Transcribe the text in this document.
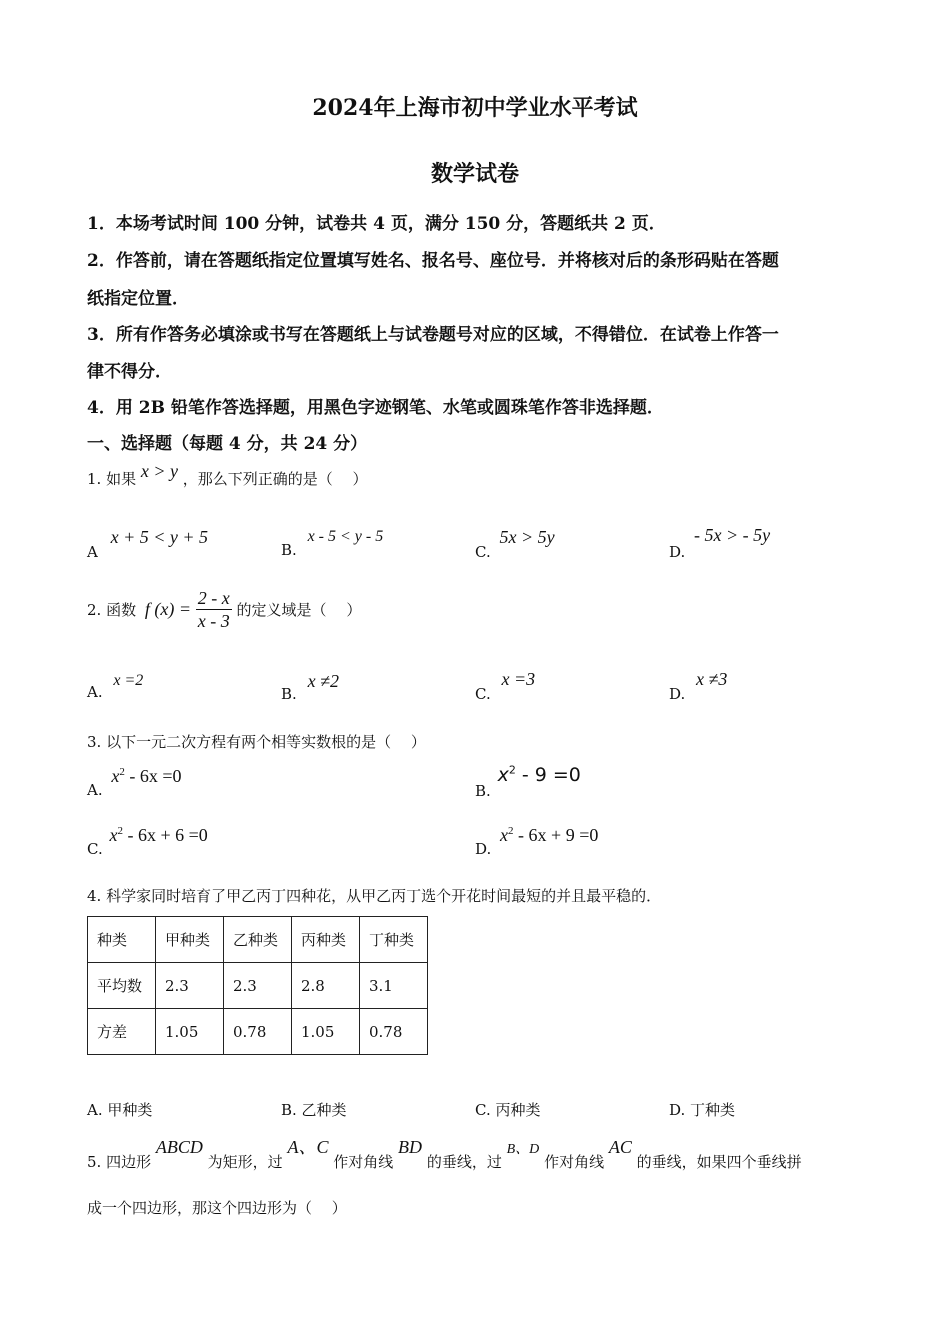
2024年上海市初中学业水平考试
数学试卷
1．本场考试时间 100 分钟，试卷共 4 页，满分 150 分，答题纸共 2 页．
2．作答前，请在答题纸指定位置填写姓名、报名号、座位号．并将核对后的条形码贴在答题
纸指定位置．
3．所有作答务必填涂或书写在答题纸上与试卷题号对应的区域，不得错位．在试卷上作答一
律不得分．
4．用 2B 铅笔作答选择题，用黑色字迹钢笔、水笔或圆珠笔作答非选择题．
一、选择题（每题 4 分，共 24 分）
1. 如果 x > y ，那么下列正确的是（　 ）
A x + 5 < y + 5
B. x - 5 < y - 5
C. 5x > 5y
D. - 5x > - 5y
2. 函数 f $(x) = \frac{2 - x}{x - 3}$ 的定义域是（　 ）
A. x =2
B. x ≠2
C. x =3
D. x ≠3
3. 以下一元二次方程有两个相等实数根的是（　 ）
A. $x^2 - 6x =0$
B. $x^2 - 9 =0$
C. $x^2 - 6x + 6 =0$
D. $x^2 - 6x + 9 =0$
4. 科学家同时培育了甲乙丙丁四种花，从甲乙丙丁选个开花时间最短的并且最平稳的．
种类	甲种类	乙种类	丙种类	丁种类
平均数	2.3	2.3	2.8	3.1
方差	1.05	0.78	1.05	0.78
A. 甲种类	B. 乙种类	C. 丙种类	D. 丁种类
5. 四边形 ABCD 为矩形，过 A、C 作对角线 BD 的垂线，过 B、D 作对角线 AC 的垂线，如果四个垂线拼
成一个四边形，那这个四边形为（　 ）
